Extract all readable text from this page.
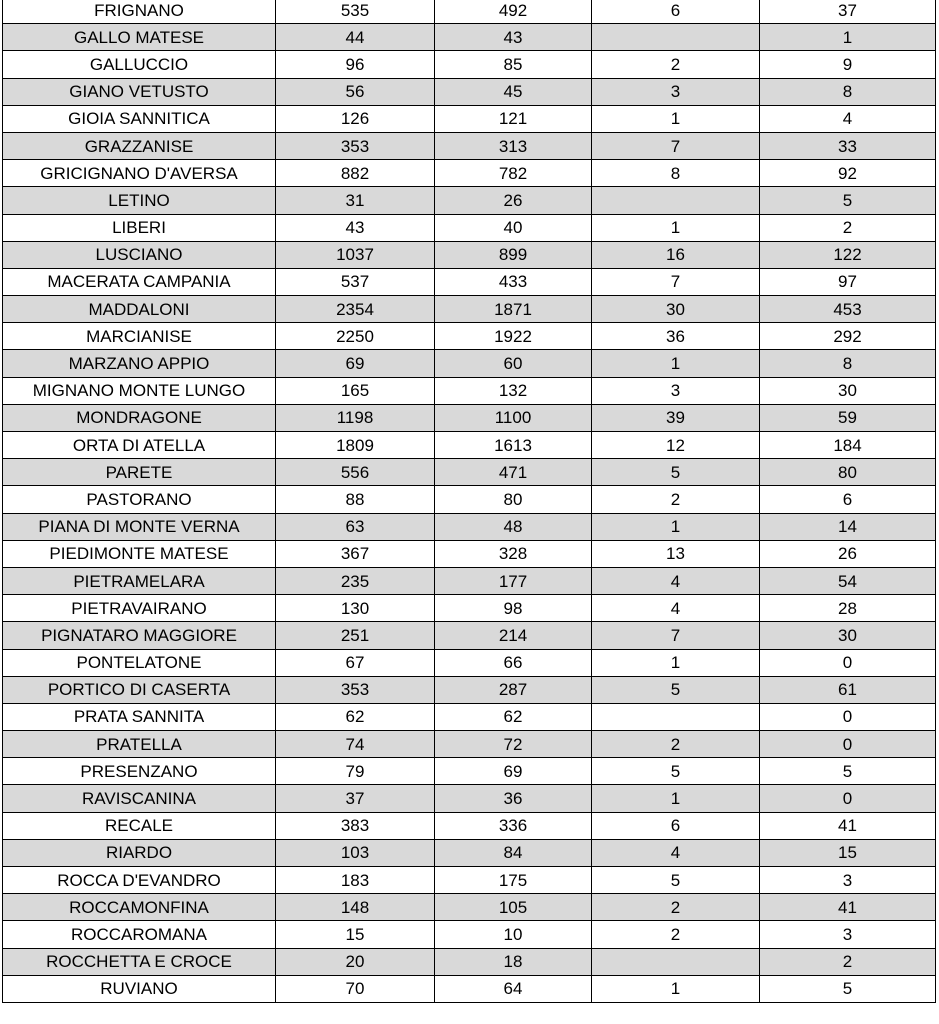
FRIGNANO	535	492	6	37
GALLO MATESE	44	43		1
GALLUCCIO	96	85	2	9
GIANO VETUSTO	56	45	3	8
GIOIA SANNITICA	126	121	1	4
GRAZZANISE	353	313	7	33
GRICIGNANO D'AVERSA	882	782	8	92
LETINO	31	26		5
LIBERI	43	40	1	2
LUSCIANO	1037	899	16	122
MACERATA CAMPANIA	537	433	7	97
MADDALONI	2354	1871	30	453
MARCIANISE	2250	1922	36	292
MARZANO APPIO	69	60	1	8
MIGNANO MONTE LUNGO	165	132	3	30
MONDRAGONE	1198	1100	39	59
ORTA DI ATELLA	1809	1613	12	184
PARETE	556	471	5	80
PASTORANO	88	80	2	6
PIANA DI MONTE VERNA	63	48	1	14
PIEDIMONTE MATESE	367	328	13	26
PIETRAMELARA	235	177	4	54
PIETRAVAIRANO	130	98	4	28
PIGNATARO MAGGIORE	251	214	7	30
PONTELATONE	67	66	1	0
PORTICO DI CASERTA	353	287	5	61
PRATA SANNITA	62	62		0
PRATELLA	74	72	2	0
PRESENZANO	79	69	5	5
RAVISCANINA	37	36	1	0
RECALE	383	336	6	41
RIARDO	103	84	4	15
ROCCA D'EVANDRO	183	175	5	3
ROCCAMONFINA	148	105	2	41
ROCCAROMANA	15	10	2	3
ROCCHETTA E CROCE	20	18		2
RUVIANO	70	64	1	5
